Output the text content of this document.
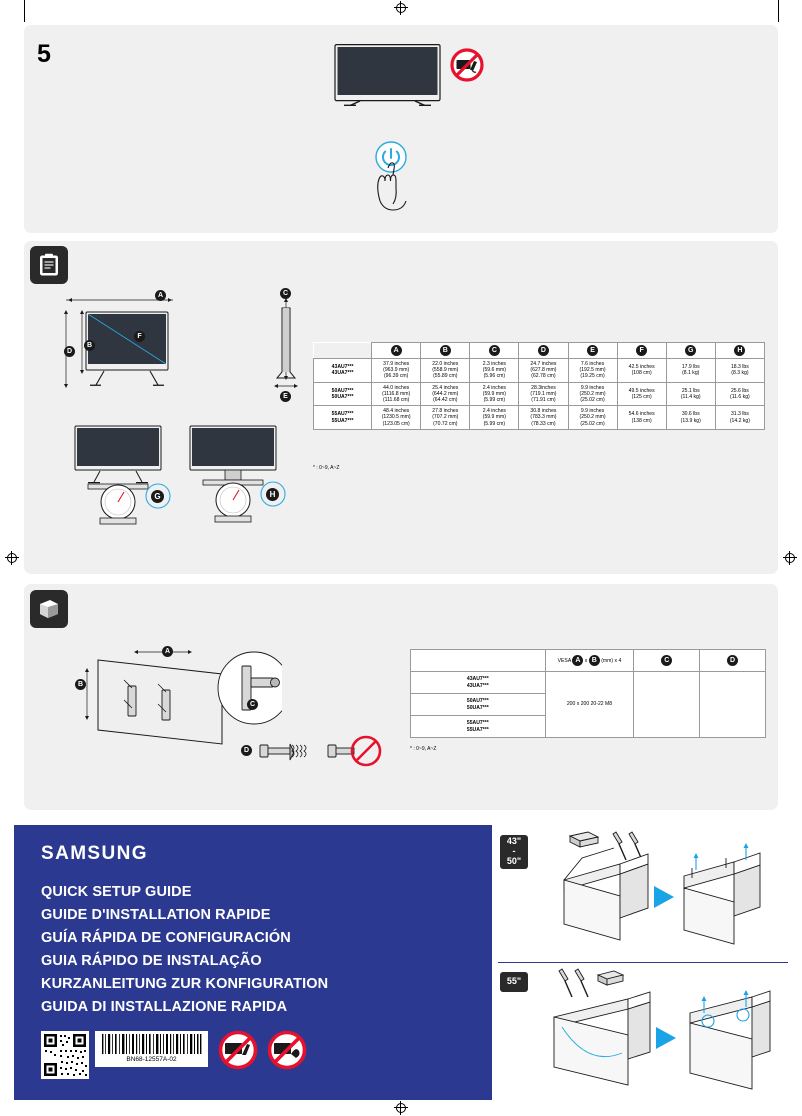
5
A
B
D
F
C
E
	A	B	C	D	E	F	G	H
43AU7***
43UA7***	37.9 inches
(963.9 mm)
(96.39 cm)	22.0 inches
(558.9 mm)
(55.89 cm)	2.3 inches
(59.6 mm)
(5.96 cm)	24.7 inches
(627.8 mm)
(62.78 cm)	7.6 inches
(192.5 mm)
(19.25 cm)	42.5 inches
(108 cm)	17.9 lbs
(8.1 kg)	18.3 lbs
(8.3 kg)
50AU7***
50UA7***	44.0 inches
(1116.8 mm)
(111.68 cm)	25.4 inches
(644.2 mm)
(64.42 cm)	2.4 inches
(59.9 mm)
(5.99 cm)	28.3inches
(719.1 mm)
(71.91 cm)	9.9 inches
(250.2 mm)
(25.02 cm)	49.5 inches
(125 cm)	25.1 lbs
(11.4 kg)	25.6 lbs
(11.6 kg)
55AU7***
55UA7***	48.4 inches
(1230.5 mm)
(123.05 cm)	27.8 inches
(707.2 mm)
(70.72 cm)	2.4 inches
(59.9 mm)
(5.99 cm)	30.8 inches
(783.3 mm)
(78.33 cm)	9.9 inches
(250.2 mm)
(25.02 cm)	54.6 inches
(138 cm)	30.6 lbs
(13.9 kg)	31.3 lbs
(14.2 kg)
* : 0~9, A~Z
G	H
A
B
C
D
	VESA A x B (mm) x 4	C	D
43AU7***
43UA7***	200 x 200 20-22 M8		
50AU7***
50UA7***			
55AU7***
55UA7***			
* : 0~9, A~Z
SAMSUNG
QUICK SETUP GUIDE
GUIDE D'INSTALLATION RAPIDE
GUÍA RÁPIDA DE CONFIGURACIÓN
GUIA RÁPIDO DE INSTALAÇÃO
KURZANLEITUNG ZUR KONFIGURATION
GUIDA DI INSTALLAZIONE RAPIDA
BN68-12557A-02
43"
-
50"
55"
